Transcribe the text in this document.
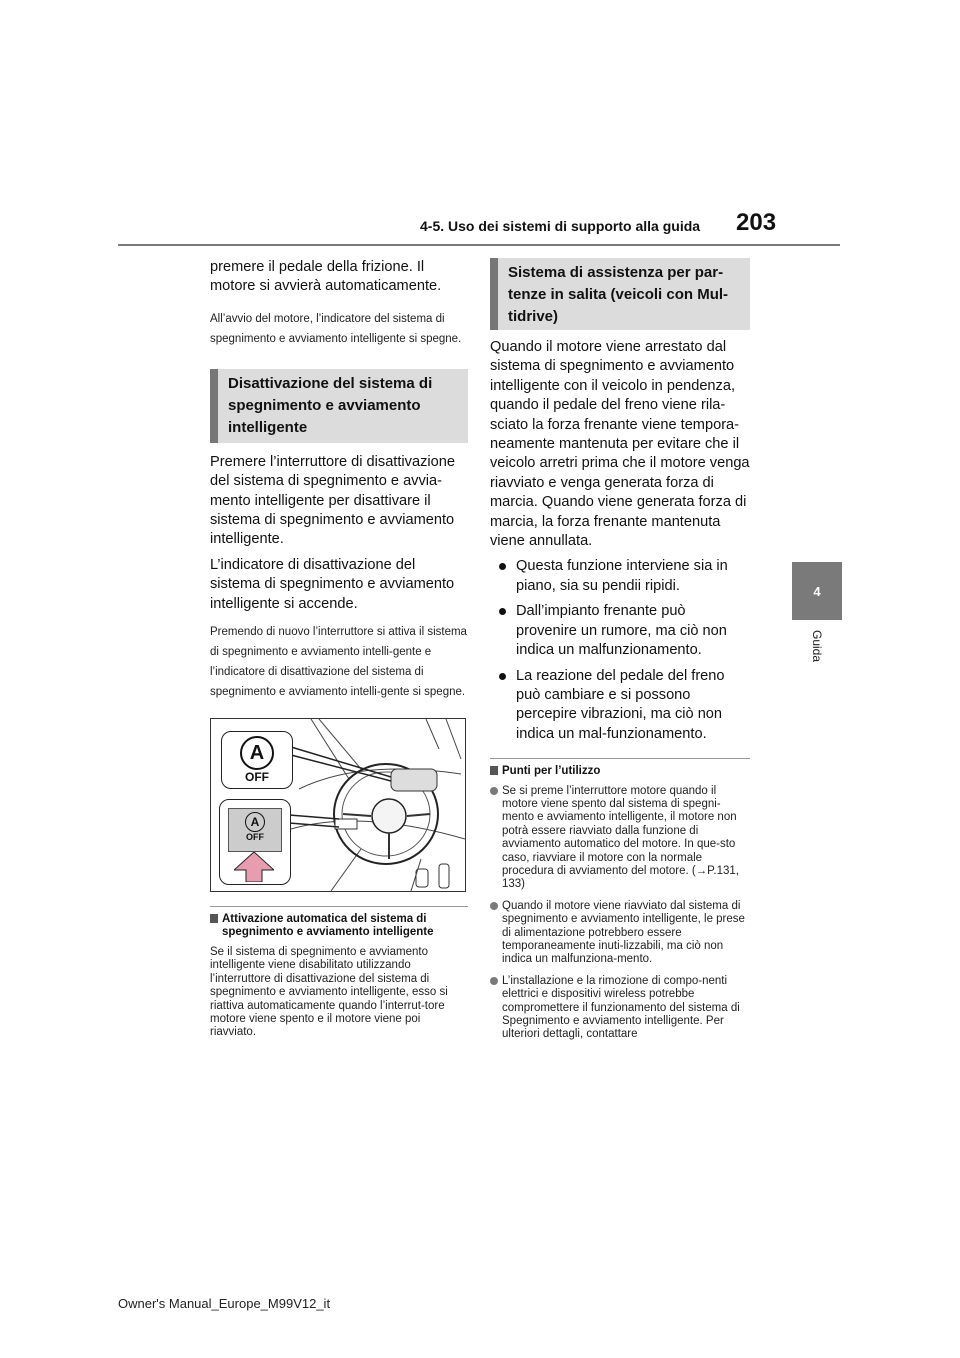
4-5. Uso dei sistemi di supporto alla guida 203
4
Guida

premere il pedale della frizione. Il motore si avvierà automaticamente.

All’avvio del motore, l’indicatore del sistema di spegnimento e avviamento intelligente si spegne.

Disattivazione del sistema di spegnimento e avviamento intelligente

Premere l’interruttore di disattivazione del sistema di spegnimento e avvia-mento intelligente per disattivare il sistema di spegnimento e avviamento intelligente.

L’indicatore di disattivazione del sistema di spegnimento e avviamento intelligente si accende.

Premendo di nuovo l’interruttore si attiva il sistema di spegnimento e avviamento intelli-gente e l’indicatore di disattivazione del sistema di spegnimento e avviamento intelli-gente si spegne.

A
OFF
A
OFF
Attivazione automatica del sistema di spegnimento e avviamento intelligente

Se il sistema di spegnimento e avviamento intelligente viene disabilitato utilizzando l’interruttore di disattivazione del sistema di spegnimento e avviamento intelligente, esso si riattiva automaticamente quando l’interrut-tore motore viene spento e il motore viene poi riavviato.

Sistema di assistenza per par-tenze in salita (veicoli con Mul-tidrive)

Quando il motore viene arrestato dal sistema di spegnimento e avviamento intelligente con il veicolo in pendenza, quando il pedale del freno viene rila-sciato la forza frenante viene tempora-neamente mantenuta per evitare che il veicolo arretri prima che il motore venga riavviato e venga generata forza di marcia. Quando viene generata forza di marcia, la forza frenante mantenuta viene annullata.

Questa funzione interviene sia in piano, sia su pendii ripidi.
Dall’impianto frenante può provenire un rumore, ma ciò non indica un malfunzionamento.
La reazione del pedale del freno può cambiare e si possono percepire vibrazioni, ma ciò non indica un mal-funzionamento.
Punti per l’utilizzo
Se si preme l’interruttore motore quando il motore viene spento dal sistema di spegni-mento e avviamento intelligente, il motore non potrà essere riavviato dalla funzione di avviamento automatico del motore. In que-sto caso, riavviare il motore con la normale procedura di avviamento del motore. (→P.131, 133)
Quando il motore viene riavviato dal sistema di spegnimento e avviamento intelligente, le prese di alimentazione potrebbero essere temporaneamente inuti-lizzabili, ma ciò non indica un malfunziona-mento.
L’installazione e la rimozione di compo-nenti elettrici e dispositivi wireless potrebbe compromettere il funzionamento del sistema di Spegnimento e avviamento intelligente. Per ulteriori dettagli, contattare
Owner's Manual_Europe_M99V12_it
